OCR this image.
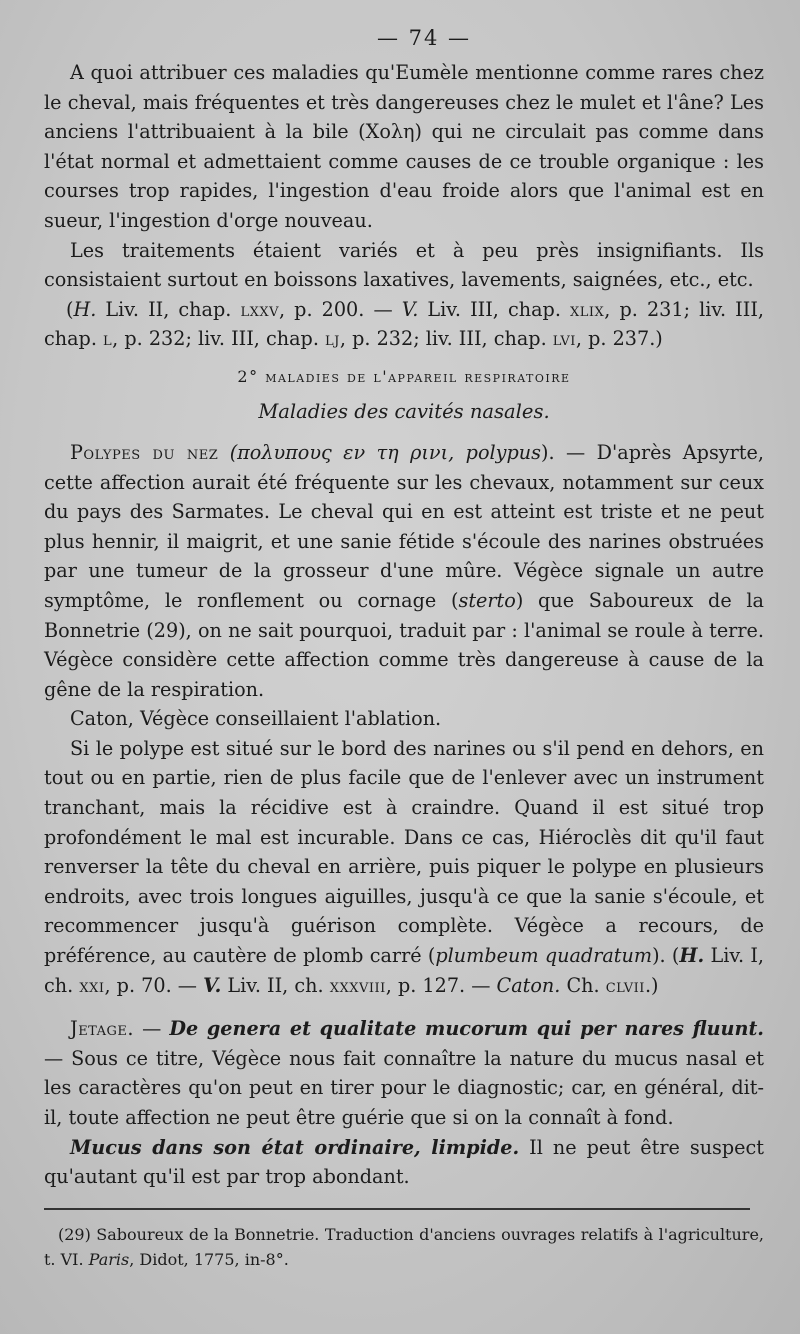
— 74 —

A quoi attribuer ces maladies qu'Eumèle mentionne comme rares chez le cheval, mais fréquentes et très dangereuses chez le mulet et l'âne? Les anciens l'attribuaient à la bile (Χολη) qui ne circulait pas comme dans l'état normal et admettaient comme causes de ce trouble organique : les courses trop rapides, l'ingestion d'eau froide alors que l'animal est en sueur, l'ingestion d'orge nouveau.

Les traitements étaient variés et à peu près insignifiants. Ils consistaient surtout en boissons laxatives, lavements, saignées, etc., etc.

(H. Liv. II, chap. lxxv, p. 200. — V. Liv. III, chap. xlix, p. 231; liv. III, chap. l, p. 232; liv. III, chap. lj, p. 232; liv. III, chap. lvi, p. 237.)

2° maladies de l'appareil respiratoire
Maladies des cavités nasales.

Polypes du nez (πολυπους εν τη ρινι, polypus). — D'après Apsyrte, cette affection aurait été fréquente sur les chevaux, notamment sur ceux du pays des Sarmates. Le cheval qui en est atteint est triste et ne peut plus hennir, il maigrit, et une sanie fétide s'écoule des narines obstruées par une tumeur de la grosseur d'une mûre. Végèce signale un autre symptôme, le ronflement ou cornage (sterto) que Saboureux de la Bonnetrie (29), on ne sait pourquoi, traduit par : l'animal se roule à terre. Végèce considère cette affection comme très dangereuse à cause de la gêne de la respiration.

Caton, Végèce conseillaient l'ablation.

Si le polype est situé sur le bord des narines ou s'il pend en dehors, en tout ou en partie, rien de plus facile que de l'enlever avec un instrument tranchant, mais la récidive est à craindre. Quand il est situé trop profondément le mal est incurable. Dans ce cas, Hiéroclès dit qu'il faut renverser la tête du cheval en arrière, puis piquer le polype en plusieurs endroits, avec trois longues aiguilles, jusqu'à ce que la sanie s'écoule, et recommencer jusqu'à guérison complète. Végèce a recours, de préférence, au cautère de plomb carré (plumbeum quadratum). (H. Liv. I, ch. xxi, p. 70. — V. Liv. II, ch. xxxviii, p. 127. — Caton. Ch. clvii.)

Jetage. — De genera et qualitate mucorum qui per nares fluunt. — Sous ce titre, Végèce nous fait connaître la nature du mucus nasal et les caractères qu'on peut en tirer pour le diagnostic; car, en général, dit-il, toute affection ne peut être guérie que si on la connaît à fond.

Mucus dans son état ordinaire, limpide. Il ne peut être suspect qu'autant qu'il est par trop abondant.

(29) Saboureux de la Bonnetrie. Traduction d'anciens ouvrages relatifs à l'agriculture, t. VI. Paris, Didot, 1775, in-8°.
